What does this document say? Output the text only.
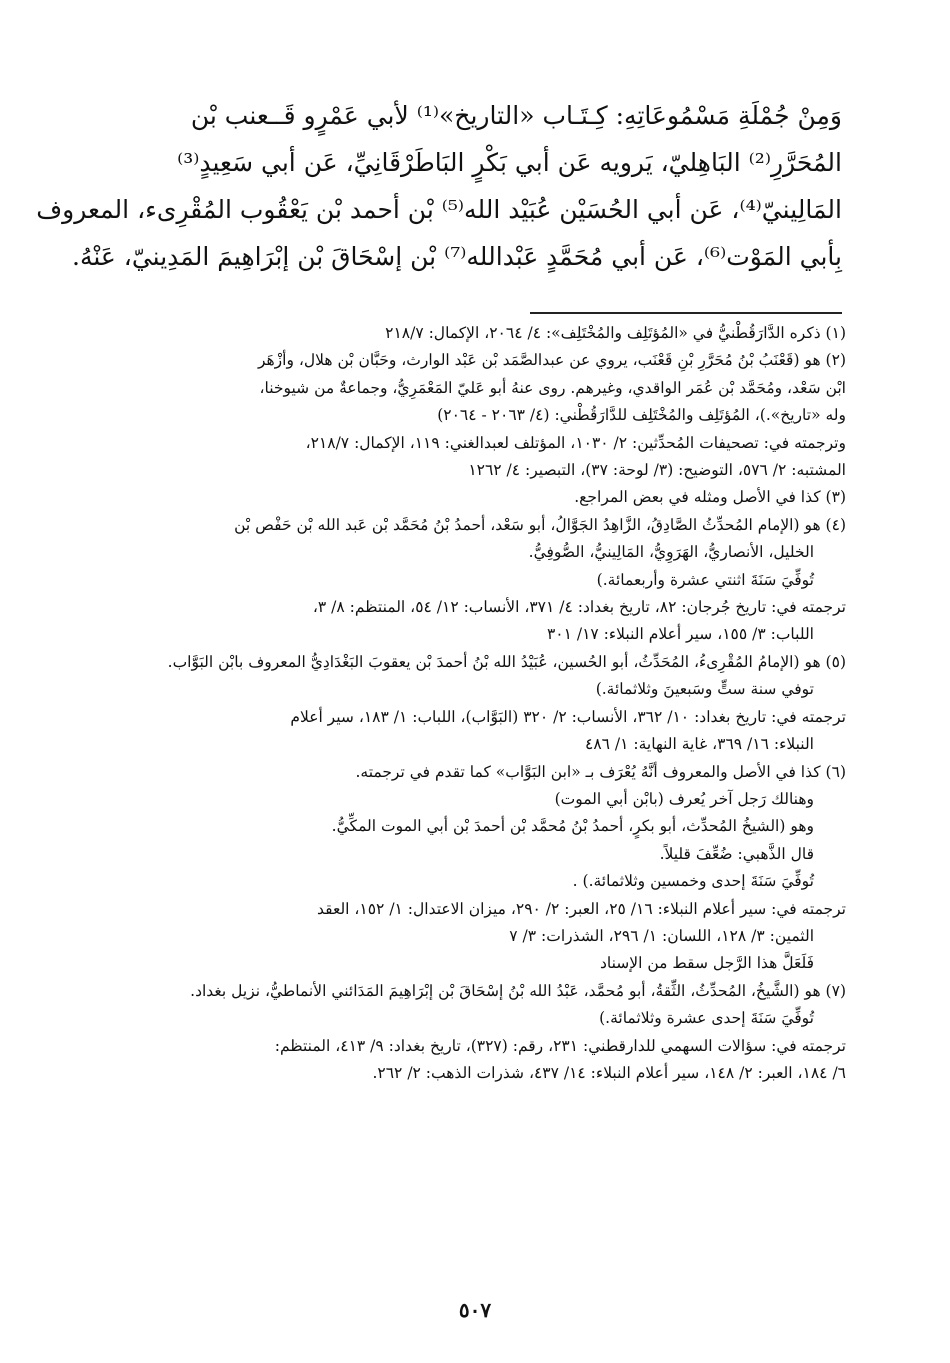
وَمِنْ جُمْلَةِ مَسْمُوعَاتِهِ: كِـتَـاب «التاريخ»⁽¹⁾ لأبي عَمْرٍو قَــعنب بْن
المُحَرَّرِ⁽²⁾ البَاهِليّ، يَرويه عَن أبي بَكْرٍ البَاطَرْقَانِيِّ، عَن أبي سَعِيدٍ⁽³⁾
المَالِينيّ⁽⁴⁾، عَن أبي الحُسَيْن عُبَيْد الله⁽⁵⁾ بْن أحمد بْن يَعْقُوب المُقْرِىء، المعروف
بِأبي المَوْت⁽⁶⁾، عَن أبي مُحَمَّدٍ عَبْدالله⁽⁷⁾ بْن إسْحَاقَ بْن إبْرَاهِيمَ المَدِينيّ، عَنْهُ.
(١) ذكره الدَّارَقُطْنيُّ في «المُؤتَلِف والمُخْتَلِف»: ٤/ ٢٠٦٤، الإكمال: ٢١٨/٧
(٢) هو (قَعْنَبُ بْنُ مُحَرَّرِ بْنِ قَعْنَب، يروي عن عبدالصَّمَد بْن عَبْد الوارث، وحَبَّان بْن هلال، وأزْهَر
ابْن سَعْد، ومُحَمَّد بْن عُمَر الواقدي، وغيرهم. روى عنهُ أبو عَليّ المَعْمَرِيُّ، وجماعةٌ من شيوخنا،
وله «تاريخ».)، المُؤتَلِف والمُخْتَلِف للدَّارَقُطْني: (٤/ ٢٠٦٣ - ٢٠٦٤)
وترجمته في: تصحيفات المُحدِّثين: ٢/ ١٠٣٠، المؤتلف لعبدالغني: ١١٩، الإكمال: ٢١٨/٧،
المشتبه: ٢/ ٥٧٦، التوضيح: (٣/ لوحة: ٣٧)، التبصير: ٤/ ١٢٦٢
(٣) كذا في الأصل ومثله في بعض المراجع.
(٤) هو (الإمام المُحدِّثُ الصَّادِقُ، الزَّاهِدُ الجَوَّالُ، أبو سَعْد، أحمدُ بْنُ مُحَمَّد بْن عَبد الله بْن حَفْص بْن
الخليل، الأنصاريُّ، الهَرَوِيُّ، المَالِينيُّ، الصُّوفِيُّ.
تُوفِّيَ سَنَةَ اثنتي عشرة وأربعمائة.)
ترجمته في: تاريخ جُرجان: ٨٢، تاريخ بغداد: ٤/ ٣٧١، الأنساب: ١٢/ ٥٤، المنتظم: ٨/ ٣،
اللباب: ٣/ ١٥٥، سير أعلام النبلاء: ١٧/ ٣٠١
(٥) هو (الإمامُ المُقْرِىءُ، المُحَدِّثُ، أبو الحُسين، عُبَيْدُ الله بْنُ أحمدَ بْن يعقوبَ البَغْدَادِيُّ المعروف بابْن البَوَّاب.
توفي سنة ستٍّ وسَبعينَ وثلاثمائة.)
ترجمته في: تاريخ بغداد: ١٠/ ٣٦٢، الأنساب: ٢/ ٣٢٠ (البَوَّاب)، اللباب: ١/ ١٨٣، سير أعلام
النبلاء: ١٦/ ٣٦٩، غاية النهاية: ١/ ٤٨٦
(٦) كذا في الأصل والمعروف أنَّهُ يُعْرَف بـ «ابن البَوَّاب» كما تقدم في ترجمته.
وهنالك رَجل آخر يُعرف (بابْن أبي الموت)
وهو (الشيخُ المُحدِّث، أبو بكرٍ، أحمدُ بْنُ مُحمَّد بْن أحمدَ بْن أبي الموت المكِّيُّ.
قال الذَّهبي: ضُعِّفَ قليلاً.
تُوفِّيَ سَنَةَ إحدى وخمسين وثلاثمائة.) .
ترجمته في: سير أعلام النبلاء: ١٦/ ٢٥، العبر: ٢/ ٢٩٠، ميزان الاعتدال: ١/ ١٥٢، العقد
الثمين: ٣/ ١٢٨، اللسان: ١/ ٢٩٦، الشذرات: ٣/ ٧
فَلَعَلَّ هذا الرَّجل سقط من الإسناد
(٧) هو (الشَّيخُ، المُحدِّثُ، الثِّقةُ، أبو مُحمَّد، عَبْدُ الله بْنُ إسْحَاقَ بْن إبْرَاهِيمَ المَدَائني الأنماطيُّ، نزيل بغداد.
تُوفِّيَ سَنَةَ إحدى عشرة وثلاثمائة.)
ترجمته في: سؤالات السهمي للدارقطني: ٢٣١، رقم: (٣٢٧)، تاريخ بغداد: ٩/ ٤١٣، المنتظم:
٦/ ١٨٤، العبر: ٢/ ١٤٨، سير أعلام النبلاء: ١٤/ ٤٣٧، شذرات الذهب: ٢/ ٢٦٢.
٥٠٧
